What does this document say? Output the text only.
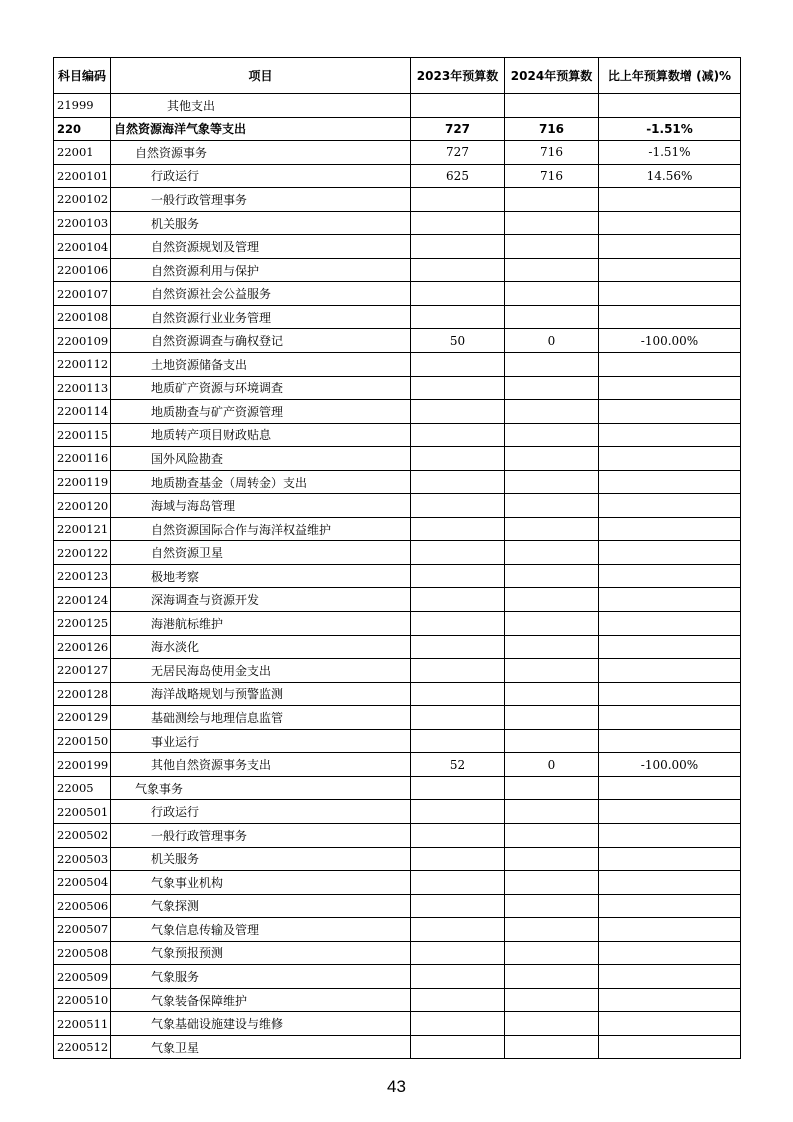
科目编码	项目	2023年预算数	2024年预算数	比上年预算数增 (减)%
21999	其他支出			
220	自然资源海洋气象等支出	727	716	-1.51%
22001	自然资源事务	727	716	-1.51%
2200101	行政运行	625	716	14.56%
2200102	一般行政管理事务			
2200103	机关服务			
2200104	自然资源规划及管理			
2200106	自然资源利用与保护			
2200107	自然资源社会公益服务			
2200108	自然资源行业业务管理			
2200109	自然资源调查与确权登记	50	0	-100.00%
2200112	土地资源储备支出			
2200113	地质矿产资源与环境调查			
2200114	地质勘查与矿产资源管理			
2200115	地质转产项目财政贴息			
2200116	国外风险勘查			
2200119	地质勘查基金（周转金）支出			
2200120	海域与海岛管理			
2200121	自然资源国际合作与海洋权益维护			
2200122	自然资源卫星			
2200123	极地考察			
2200124	深海调查与资源开发			
2200125	海港航标维护			
2200126	海水淡化			
2200127	无居民海岛使用金支出			
2200128	海洋战略规划与预警监测			
2200129	基础测绘与地理信息监管			
2200150	事业运行			
2200199	其他自然资源事务支出	52	0	-100.00%
22005	气象事务			
2200501	行政运行			
2200502	一般行政管理事务			
2200503	机关服务			
2200504	气象事业机构			
2200506	气象探测			
2200507	气象信息传输及管理			
2200508	气象预报预测			
2200509	气象服务			
2200510	气象装备保障维护			
2200511	气象基础设施建设与维修			
2200512	气象卫星			
43
